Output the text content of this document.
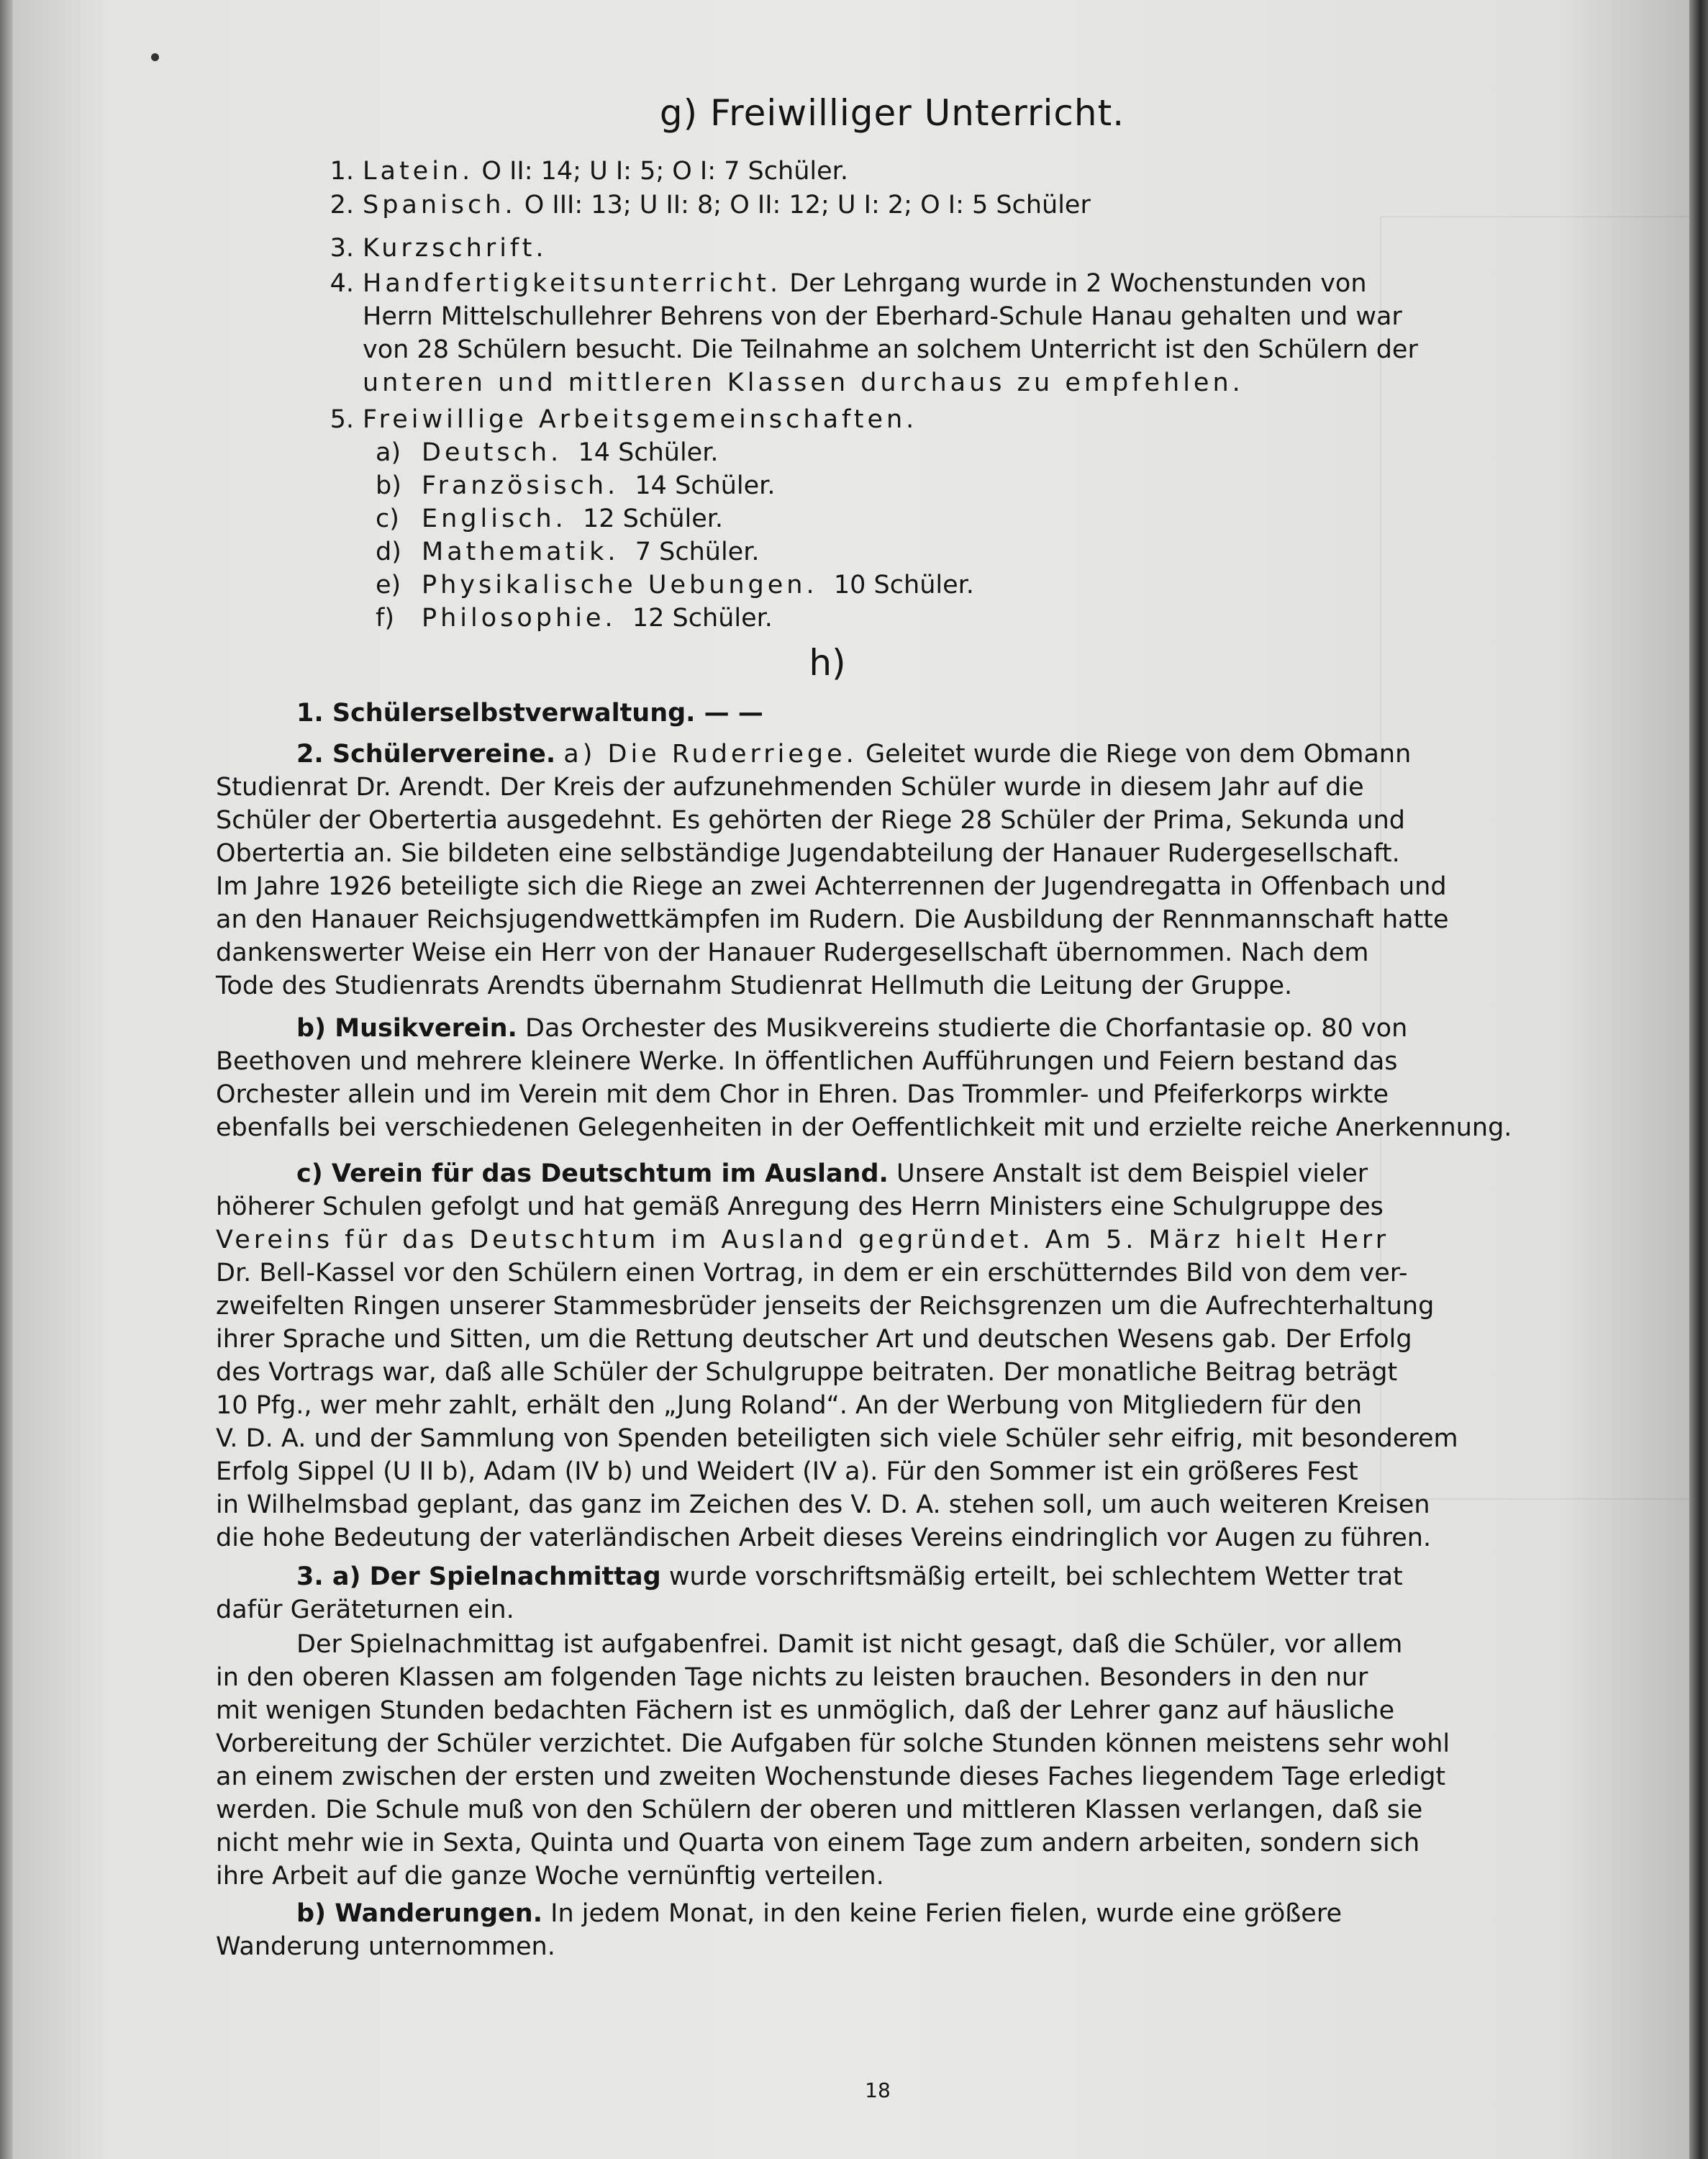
g) Freiwilliger Unterricht.
1. Latein. O II: 14; U I: 5; O I: 7 Schüler.
2. Spanisch. O III: 13; U II: 8; O II: 12; U I: 2; O I: 5 Schüler
3. Kurzschrift.
4. Handfertigkeitsunterricht. Der Lehrgang wurde in 2 Wochenstunden von
Herrn Mittelschullehrer Behrens von der Eberhard-Schule Hanau gehalten und war
von 28 Schülern besucht. Die Teilnahme an solchem Unterricht ist den Schülern der
unteren und mittleren Klassen durchaus zu empfehlen.
5. Freiwillige Arbeitsgemeinschaften.
a) Deutsch. 14 Schüler.
b) Französisch. 14 Schüler.
c) Englisch. 12 Schüler.
d) Mathematik. 7 Schüler.
e) Physikalische Uebungen. 10 Schüler.
f) Philosophie. 12 Schüler.
h)
1. Schülerselbstverwaltung. — —
2. Schülervereine. a) Die Ruderriege. Geleitet wurde die Riege von dem Obmann
Studienrat Dr. Arendt. Der Kreis der aufzunehmenden Schüler wurde in diesem Jahr auf die
Schüler der Obertertia ausgedehnt. Es gehörten der Riege 28 Schüler der Prima, Sekunda und
Obertertia an. Sie bildeten eine selbständige Jugendabteilung der Hanauer Rudergesellschaft.
Im Jahre 1926 beteiligte sich die Riege an zwei Achterrennen der Jugendregatta in Offenbach und
an den Hanauer Reichsjugendwettkämpfen im Rudern. Die Ausbildung der Rennmannschaft hatte
dankenswerter Weise ein Herr von der Hanauer Rudergesellschaft übernommen. Nach dem
Tode des Studienrats Arendts übernahm Studienrat Hellmuth die Leitung der Gruppe.
b) Musikverein. Das Orchester des Musikvereins studierte die Chorfantasie op. 80 von
Beethoven und mehrere kleinere Werke. In öffentlichen Aufführungen und Feiern bestand das
Orchester allein und im Verein mit dem Chor in Ehren. Das Trommler- und Pfeiferkorps wirkte
ebenfalls bei verschiedenen Gelegenheiten in der Oeffentlichkeit mit und erzielte reiche Anerkennung.
c) Verein für das Deutschtum im Ausland. Unsere Anstalt ist dem Beispiel vieler
höherer Schulen gefolgt und hat gemäß Anregung des Herrn Ministers eine Schulgruppe des
Vereins für das Deutschtum im Ausland gegründet. Am 5. März hielt Herr
Dr. Bell-Kassel vor den Schülern einen Vortrag, in dem er ein erschütterndes Bild von dem ver-
zweifelten Ringen unserer Stammesbrüder jenseits der Reichsgrenzen um die Aufrechterhaltung
ihrer Sprache und Sitten, um die Rettung deutscher Art und deutschen Wesens gab. Der Erfolg
des Vortrags war, daß alle Schüler der Schulgruppe beitraten. Der monatliche Beitrag beträgt
10 Pfg., wer mehr zahlt, erhält den „Jung Roland“. An der Werbung von Mitgliedern für den
V. D. A. und der Sammlung von Spenden beteiligten sich viele Schüler sehr eifrig, mit besonderem
Erfolg Sippel (U II b), Adam (IV b) und Weidert (IV a). Für den Sommer ist ein größeres Fest
in Wilhelmsbad geplant, das ganz im Zeichen des V. D. A. stehen soll, um auch weiteren Kreisen
die hohe Bedeutung der vaterländischen Arbeit dieses Vereins eindringlich vor Augen zu führen.
3. a) Der Spielnachmittag wurde vorschriftsmäßig erteilt, bei schlechtem Wetter trat
dafür Geräteturnen ein.
Der Spielnachmittag ist aufgabenfrei. Damit ist nicht gesagt, daß die Schüler, vor allem
in den oberen Klassen am folgenden Tage nichts zu leisten brauchen. Besonders in den nur
mit wenigen Stunden bedachten Fächern ist es unmöglich, daß der Lehrer ganz auf häusliche
Vorbereitung der Schüler verzichtet. Die Aufgaben für solche Stunden können meistens sehr wohl
an einem zwischen der ersten und zweiten Wochenstunde dieses Faches liegendem Tage erledigt
werden. Die Schule muß von den Schülern der oberen und mittleren Klassen verlangen, daß sie
nicht mehr wie in Sexta, Quinta und Quarta von einem Tage zum andern arbeiten, sondern sich
ihre Arbeit auf die ganze Woche vernünftig verteilen.
b) Wanderungen. In jedem Monat, in den keine Ferien fielen, wurde eine größere
Wanderung unternommen.
18
